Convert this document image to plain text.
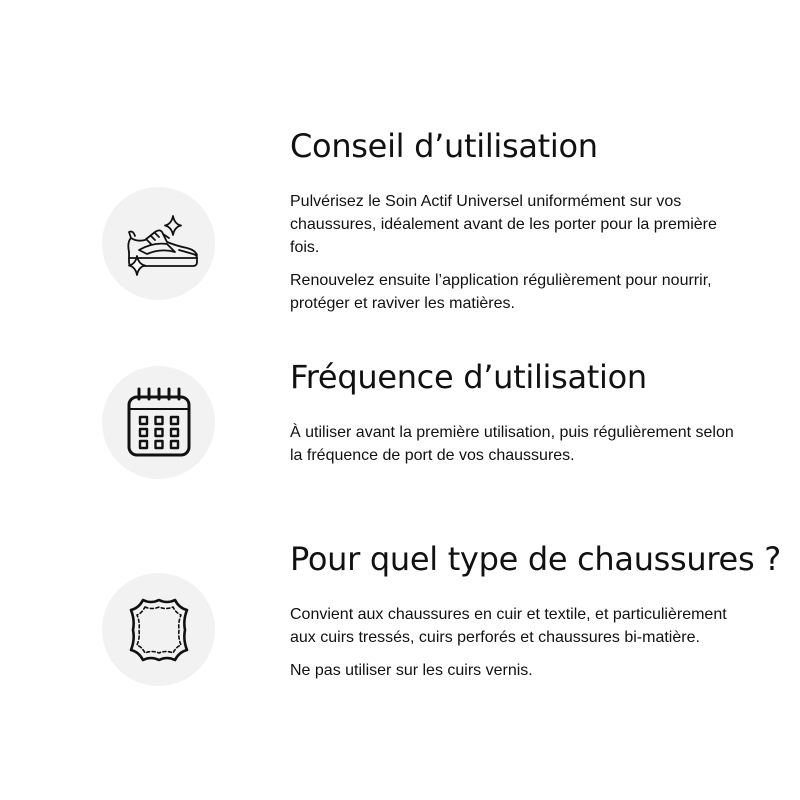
Conseil d’utilisation

Pulvérisez le Soin Actif Universel uniformément sur vos chaussures, idéalement avant de les porter pour la première fois.

Renouvelez ensuite l’application régulièrement pour nourrir, protéger et raviver les matières.

Fréquence d’utilisation

À utiliser avant la première utilisation, puis régulièrement selon la fréquence de port de vos chaussures.

Pour quel type de chaussures ?

Convient aux chaussures en cuir et textile, et particulièrement aux cuirs tressés, cuirs perforés et chaussures bi-matière.

Ne pas utiliser sur les cuirs vernis.
